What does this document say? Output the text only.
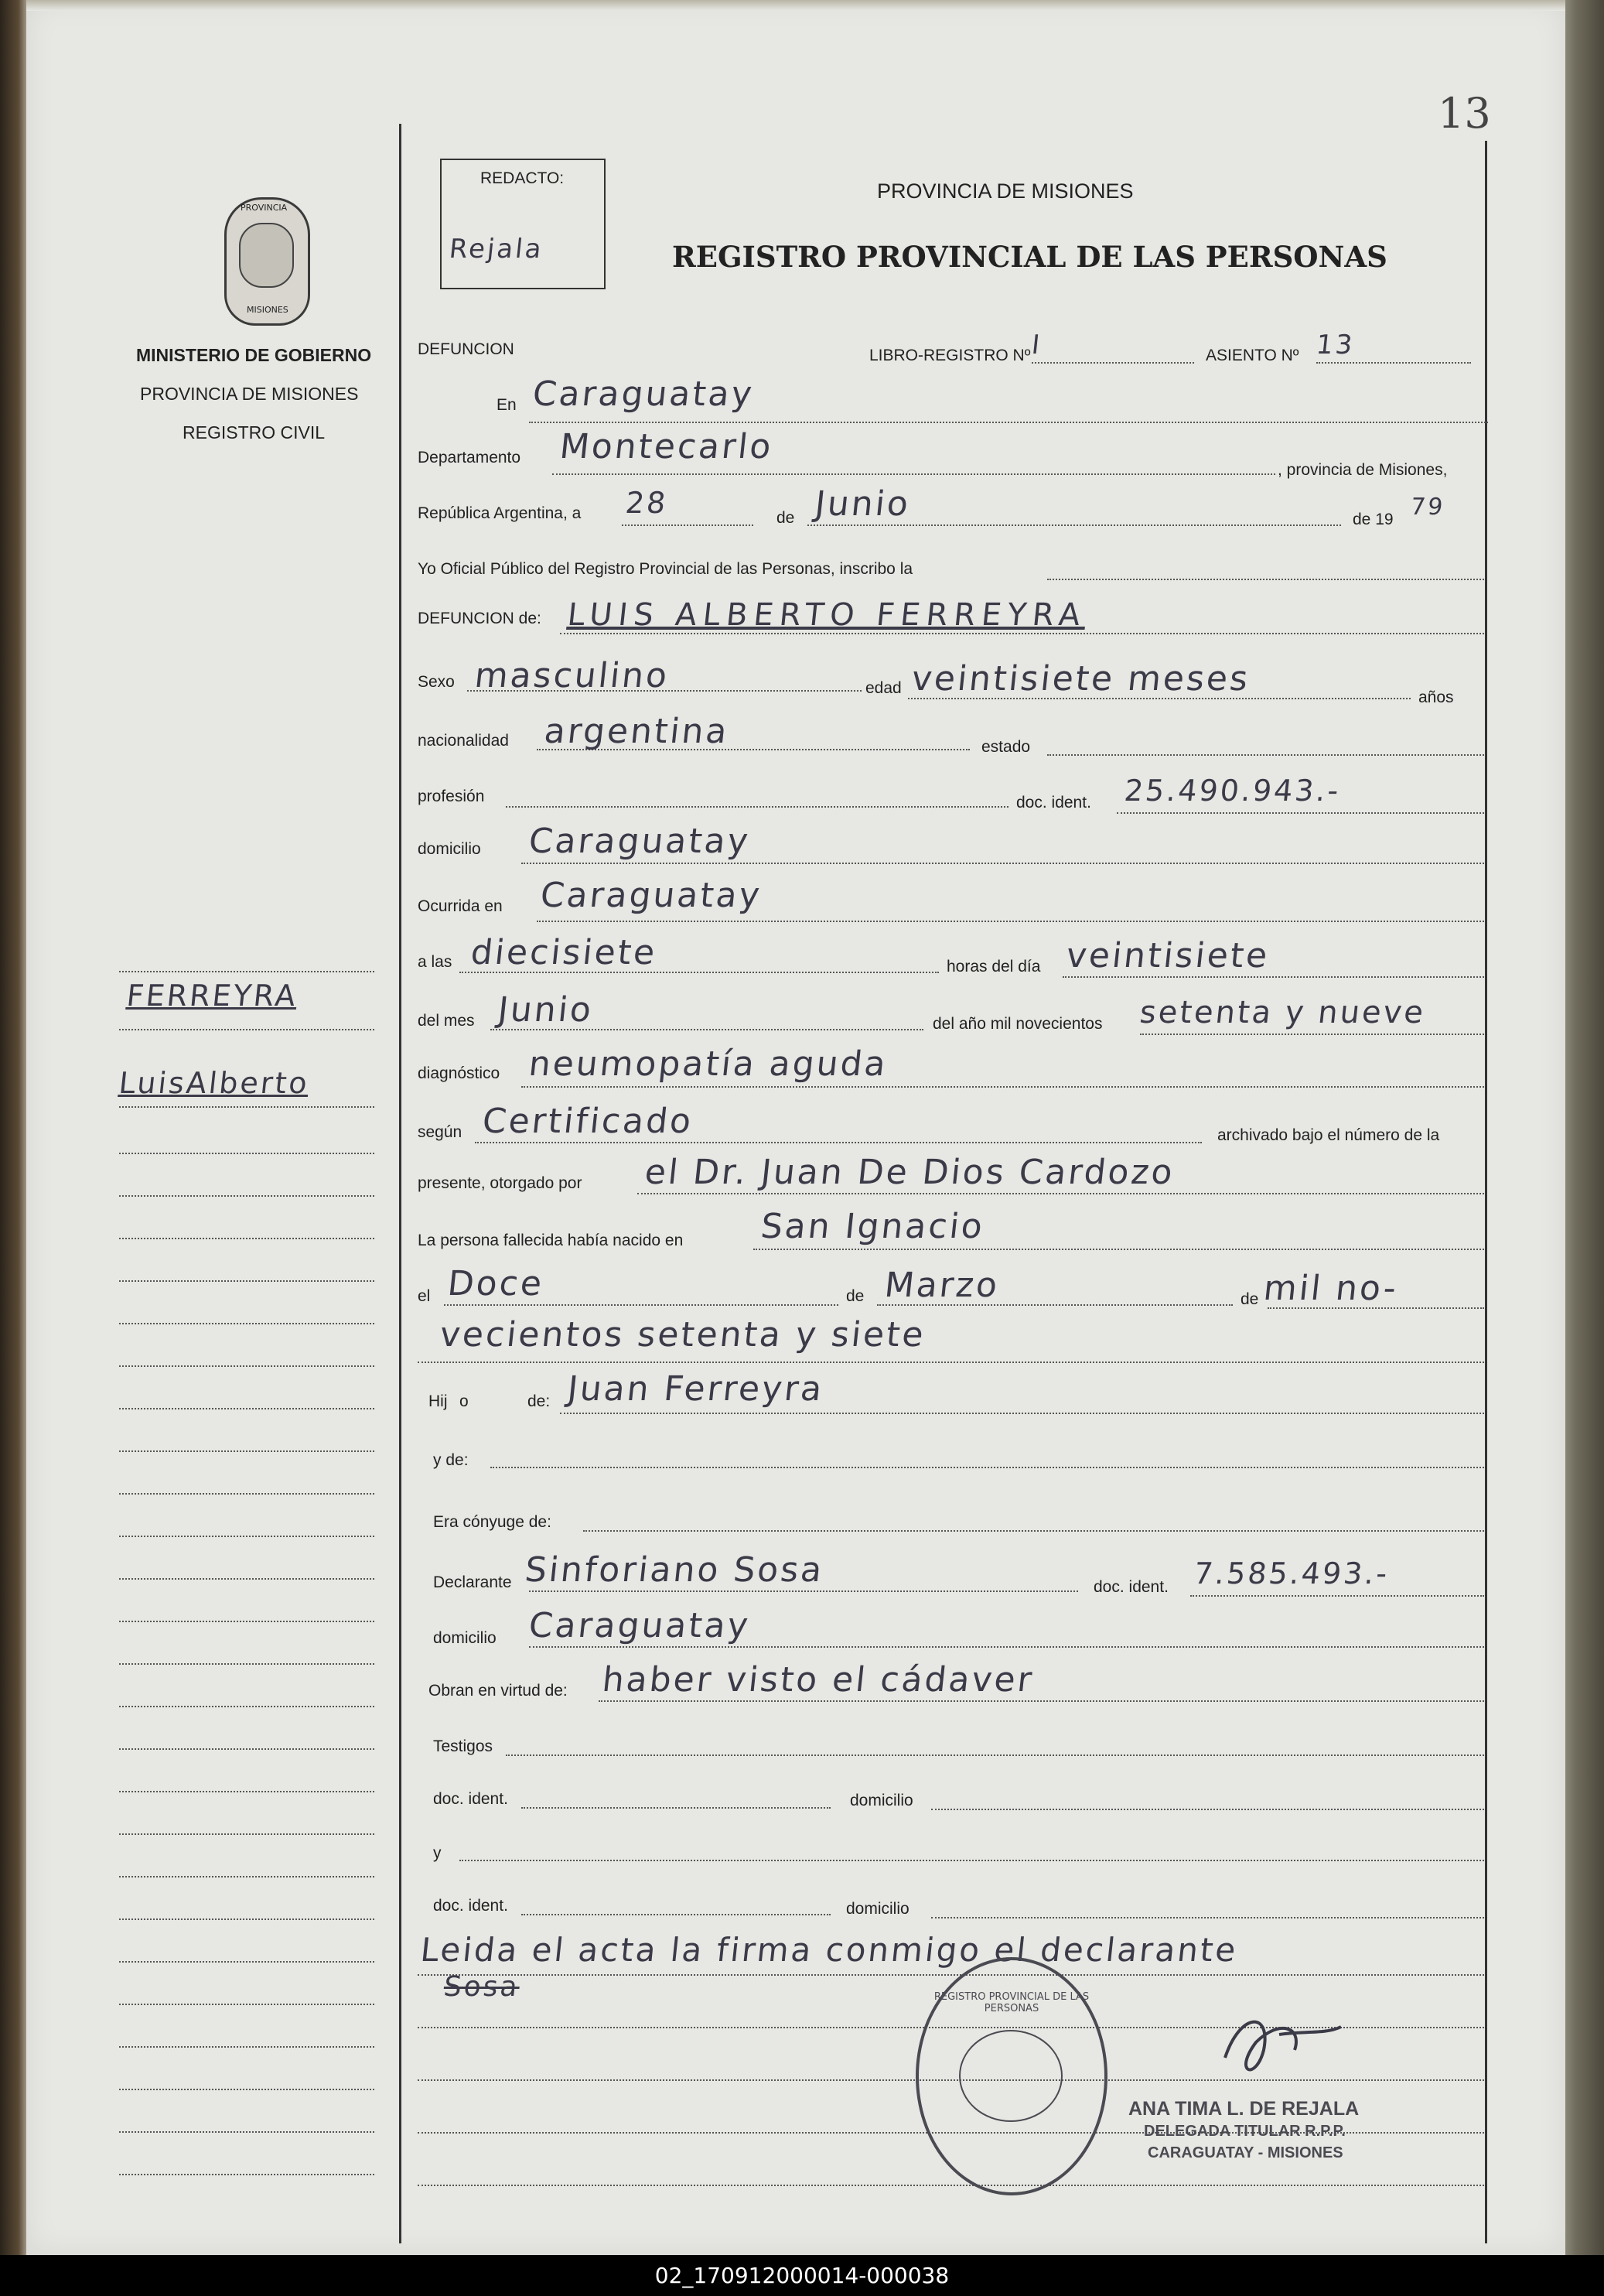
13
PROVINCIA
MISIONES
MINISTERIO DE GOBIERNO
PROVINCIA DE MISIONES
REGISTRO CIVIL
FERREYRA
LuisAlberto
REDACTO:
Rejala
PROVINCIA DE MISIONES
REGISTRO PROVINCIAL DE LAS PERSONAS
DEFUNCION	LIBRO-REGISTRO Nº I	ASIENTO Nº 13
En Caraguatay
Departamento Montecarlo
, provincia de Misiones,
República Argentina, a 28	de Junio	de 19 79
Yo Oficial Público del Registro Provincial de las Personas, inscribo la
DEFUNCION de: LUIS ALBERTO FERREYRA
Sexo masculino	edad veintisiete meses	años
nacionalidad argentina	estado
profesión	doc. ident. 25.490.943.-
domicilio Caraguatay
Ocurrida en Caraguatay
a las diecisiete	horas del día veintisiete
del mes Junio	del año mil novecientos setenta y nueve
diagnóstico neumopatía aguda
según Certificado	archivado bajo el número de la
presente, otorgado por el Dr. Juan De Dios Cardozo
La persona fallecida había nacido en San Ignacio
el Doce	de Marzo	de mil no-
vecientos setenta y siete
Hij o	de: Juan Ferreyra
y de:
Era cónyuge de:
Declarante Sinforiano Sosa	doc. ident. 7.585.493.-
domicilio Caraguatay
Obran en virtud de: haber visto el cádaver
Testigos
doc. ident.	domicilio
y
doc. ident.	domicilio
Leida el acta la firma conmigo el declarante
Sosa	REGISTRO PROVINCIAL DE LAS PERSONAS
ANA TIMA L. DE REJALA
DELEGADA TITULAR R.P.P.
CARAGUATAY - MISIONES
02_170912000014-000038
